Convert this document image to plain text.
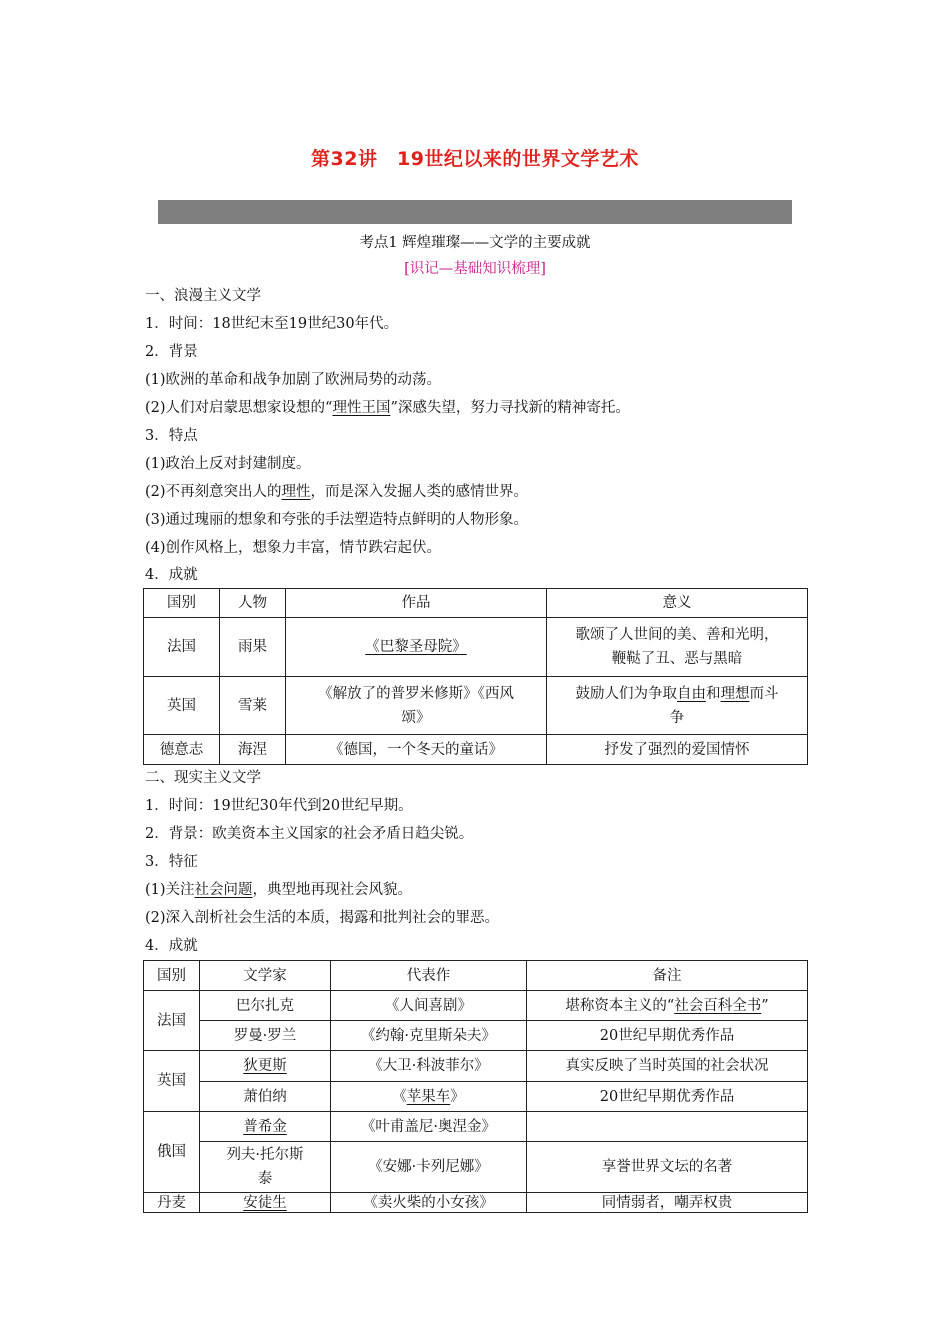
第32讲　19世纪以来的世界文学艺术
考点1 辉煌璀璨——文学的主要成就
[识记—基础知识梳理]
一、浪漫主义文学
1．时间：18世纪末至19世纪30年代。
2．背景
(1)欧洲的革命和战争加剧了欧洲局势的动荡。
(2)人们对启蒙思想家设想的“理性王国”深感失望，努力寻找新的精神寄托。
3．特点
(1)政治上反对封建制度。
(2)不再刻意突出人的理性，而是深入发掘人类的感情世界。
(3)通过瑰丽的想象和夸张的手法塑造特点鲜明的人物形象。
(4)创作风格上，想象力丰富，情节跌宕起伏。
4．成就
国别	人物	作品	意义
法国	雨果	《巴黎圣母院》	歌颂了人世间的美、善和光明，
鞭鞑了丑、恶与黑暗
英国	雪莱	《解放了的普罗米修斯》《西风
颂》	鼓励人们为争取自由和理想而斗
争
德意志	海涅	《德国，一个冬天的童话》	抒发了强烈的爱国情怀
二、现实主义文学
1．时间：19世纪30年代到20世纪早期。
2．背景：欧美资本主义国家的社会矛盾日趋尖锐。
3．特征
(1)关注社会问题，典型地再现社会风貌。
(2)深入剖析社会生活的本质，揭露和批判社会的罪恶。
4．成就
国别	文学家	代表作	备注
法国	巴尔扎克	《人间喜剧》	堪称资本主义的“社会百科全书”
	罗曼·罗兰	《约翰·克里斯朵夫》	20世纪早期优秀作品
英国	狄更斯	《大卫·科波菲尔》	真实反映了当时英国的社会状况
	萧伯纳	《苹果车》	20世纪早期优秀作品
俄国	普希金	《叶甫盖尼·奥涅金》	
	列夫·托尔斯
泰	《安娜·卡列尼娜》	享誉世界文坛的名著
丹麦	安徒生	《卖火柴的小女孩》	同情弱者，嘲弄权贵
